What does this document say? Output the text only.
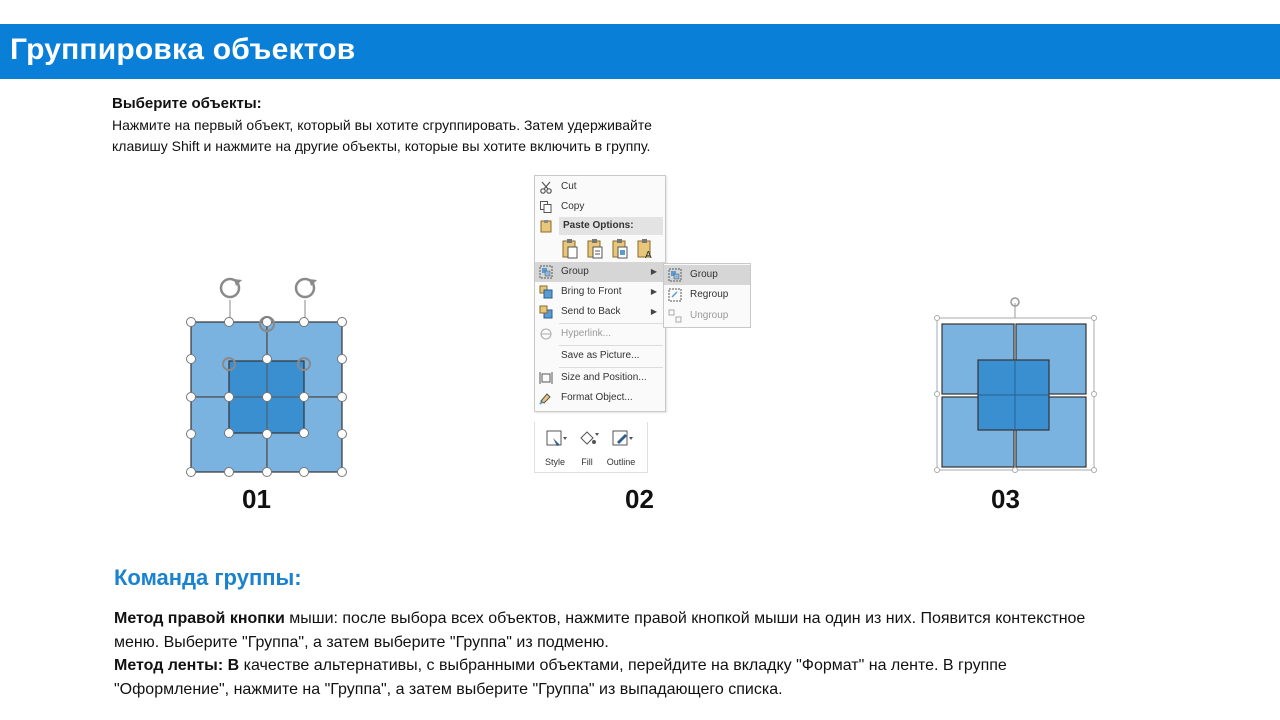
Группировка объектов
Выберите объекты:
Нажмите на первый объект, который вы хотите сгруппировать. Затем удерживайте
клавишу Shift и нажмите на другие объекты, которые вы хотите включить в группу.
01
Cut
Copy
Paste Options:
A
Group	▶
Bring to Front	▶
Send to Back	▶
Hyperlink...
Save as Picture...
Size and Position...
Format Object...
Group
Regroup
Ungroup
Style	Fill	Outline
02	03
Команда группы:
Метод правой кнопки мыши: после выбора всех объектов, нажмите правой кнопкой мыши на один из них. Появится контекстное меню. Выберите "Группа", а затем выберите "Группа" из подменю.
Метод ленты: В качестве альтернативы, с выбранными объектами, перейдите на вкладку "Формат" на ленте. В группе "Оформление", нажмите на "Группа", а затем выберите "Группа" из выпадающего списка.
